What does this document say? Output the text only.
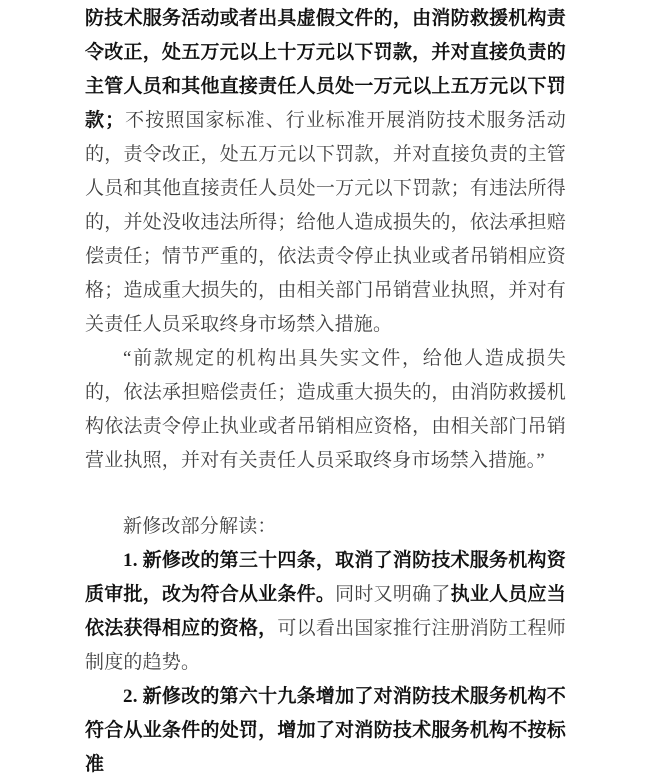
防技术服务活动或者出具虚假文件的，由消防救援机构责令改正，处五万元以上十万元以下罚款，并对直接负责的主管人员和其他直接责任人员处一万元以上五万元以下罚款；不按照国家标准、行业标准开展消防技术服务活动的，责令改正，处五万元以下罚款，并对直接负责的主管人员和其他直接责任人员处一万元以下罚款；有违法所得的，并处没收违法所得；给他人造成损失的，依法承担赔偿责任；情节严重的，依法责令停止执业或者吊销相应资格；造成重大损失的，由相关部门吊销营业执照，并对有关责任人员采取终身市场禁入措施。

“前款规定的机构出具失实文件，给他人造成损失的，依法承担赔偿责任；造成重大损失的，由消防救援机构依法责令停止执业或者吊销相应资格，由相关部门吊销营业执照，并对有关责任人员采取终身市场禁入措施。”

新修改部分解读：

1. 新修改的第三十四条，取消了消防技术服务机构资质审批，改为符合从业条件。同时又明确了执业人员应当依法获得相应的资格，可以看出国家推行注册消防工程师制度的趋势。

2. 新修改的第六十九条增加了对消防技术服务机构不符合从业条件的处罚，增加了对消防技术服务机构不按标准
